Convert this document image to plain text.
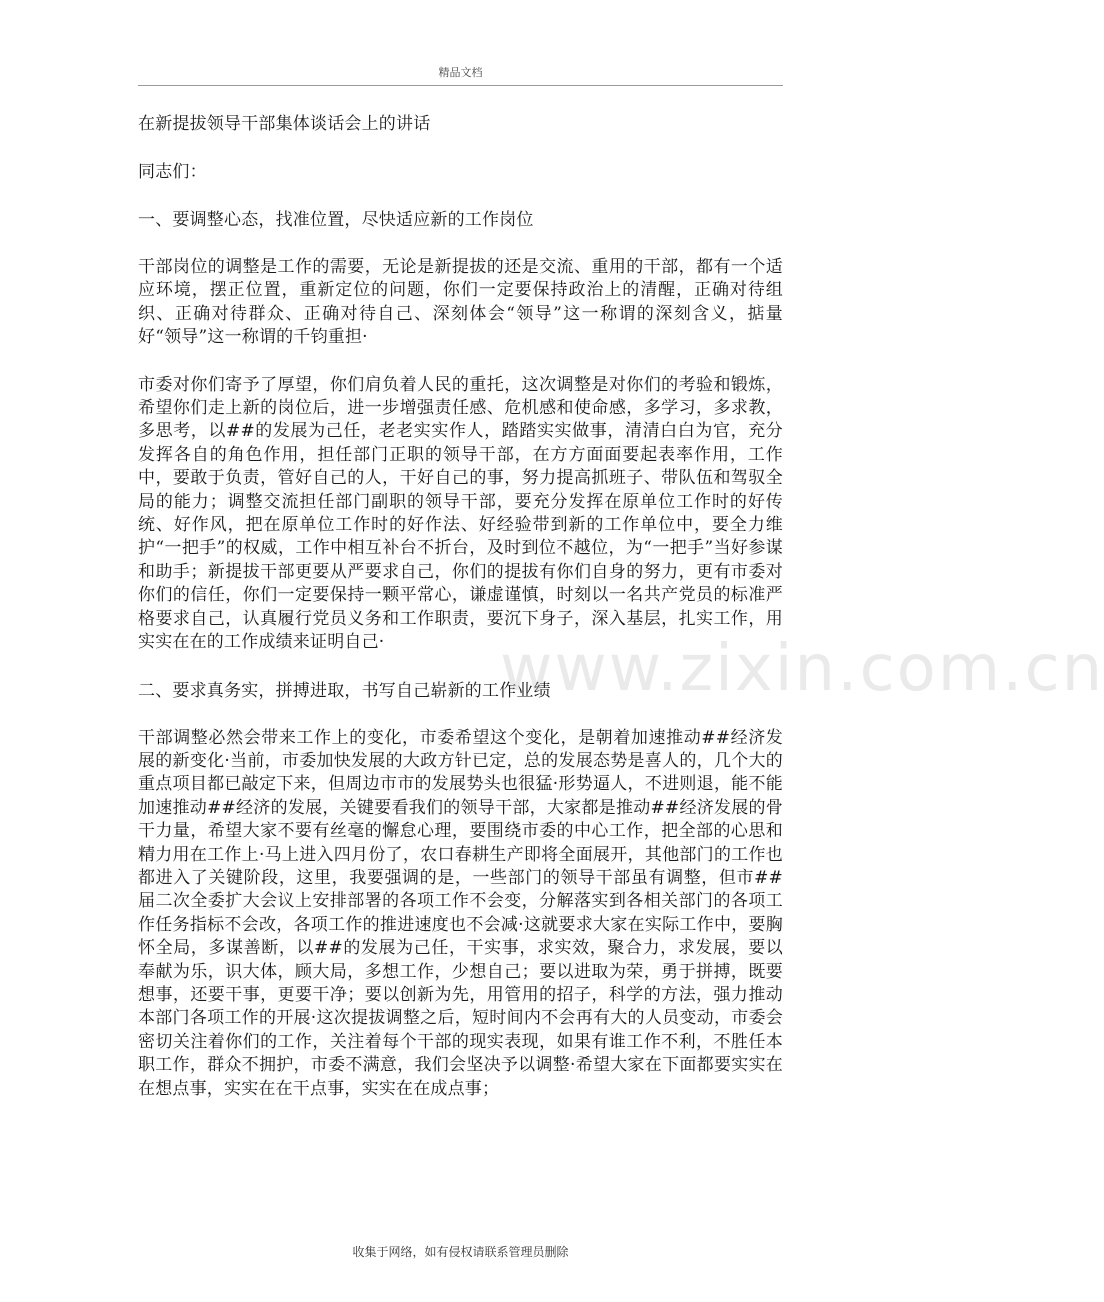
精品文档
在新提拔领导干部集体谈话会上的讲话
同志们：
一、要调整心态，找准位置，尽快适应新的工作岗位
干部岗位的调整是工作的需要，无论是新提拔的还是交流、重用的干部，都有一个适应环境，摆正位置，重新定位的问题，你们一定要保持政治上的清醒，正确对待组织、正确对待群众、正确对待自己、深刻体会“领导”这一称谓的深刻含义，掂量好“领导”这一称谓的千钧重担·
市委对你们寄予了厚望，你们肩负着人民的重托，这次调整是对你们的考验和锻炼，希望你们走上新的岗位后，进一步增强责任感、危机感和使命感，多学习，多求教，多思考，以##的发展为己任，老老实实作人，踏踏实实做事，清清白白为官，充分发挥各自的角色作用，担任部门正职的领导干部，在方方面面要起表率作用，工作中，要敢于负责，管好自己的人，干好自己的事，努力提高抓班子、带队伍和驾驭全局的能力；调整交流担任部门副职的领导干部，要充分发挥在原单位工作时的好传统、好作风，把在原单位工作时的好作法、好经验带到新的工作单位中，要全力维护“一把手”的权威，工作中相互补台不折台，及时到位不越位，为“一把手”当好参谋和助手；新提拔干部更要从严要求自己，你们的提拔有你们自身的努力，更有市委对你们的信任，你们一定要保持一颗平常心，谦虚谨慎，时刻以一名共产党员的标准严格要求自己，认真履行党员义务和工作职责，要沉下身子，深入基层，扎实工作，用实实在在的工作成绩来证明自己·
二、要求真务实，拼搏进取，书写自己崭新的工作业绩
干部调整必然会带来工作上的变化，市委希望这个变化，是朝着加速推动##经济发展的新变化·当前，市委加快发展的大政方针已定，总的发展态势是喜人的，几个大的重点项目都已敲定下来，但周边市市的发展势头也很猛·形势逼人，不进则退，能不能加速推动##经济的发展，关键要看我们的领导干部，大家都是推动##经济发展的骨干力量，希望大家不要有丝毫的懈怠心理，要围绕市委的中心工作，把全部的心思和精力用在工作上·马上进入四月份了，农口春耕生产即将全面展开，其他部门的工作也都进入了关键阶段，这里，我要强调的是，一些部门的领导干部虽有调整，但市##届二次全委扩大会议上安排部署的各项工作不会变，分解落实到各相关部门的各项工作任务指标不会改，各项工作的推进速度也不会减·这就要求大家在实际工作中，要胸怀全局，多谋善断，以##的发展为己任，干实事，求实效，聚合力，求发展，要以奉献为乐，识大体，顾大局，多想工作，少想自己；要以进取为荣，勇于拼搏，既要想事，还要干事，更要干净；要以创新为先，用管用的招子，科学的方法，强力推动本部门各项工作的开展·这次提拔调整之后，短时间内不会再有大的人员变动，市委会密切关注着你们的工作，关注着每个干部的现实表现，如果有谁工作不利，不胜任本职工作，群众不拥护，市委不满意，我们会坚决予以调整·希望大家在下面都要实实在在想点事，实实在在干点事，实实在在成点事；
www.zixin.com.cn
收集于网络，如有侵权请联系管理员删除
